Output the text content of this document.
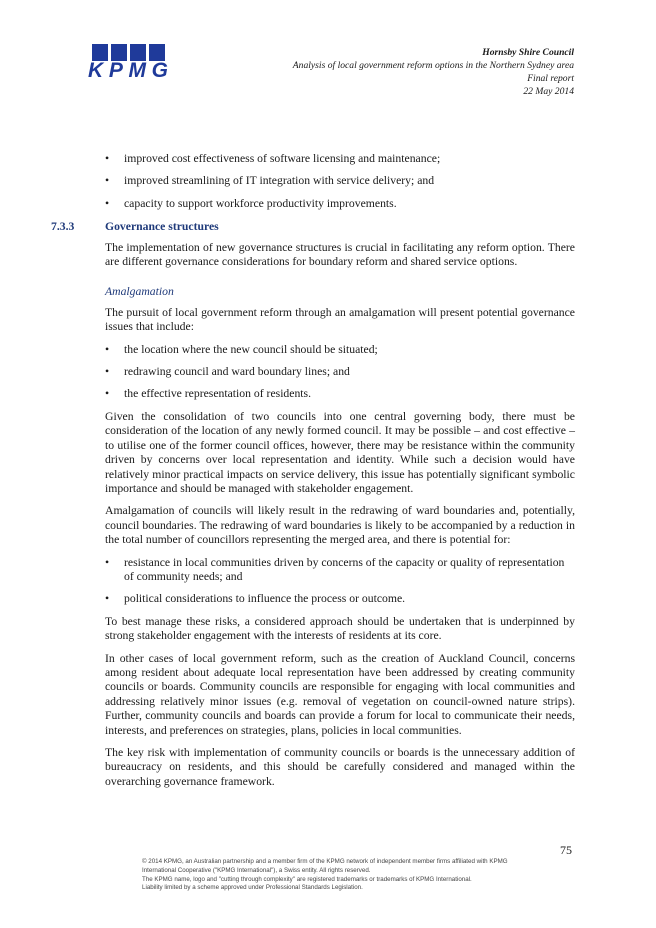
KPMG
Hornsby Shire Council
Analysis of local government reform options in the Northern Sydney area
Final report
22 May 2014
• improved cost effectiveness of software licensing and maintenance;
• improved streamlining of IT integration with service delivery; and
• capacity to support workforce productivity improvements.
7.3.3	Governance structures

The implementation of new governance structures is crucial in facilitating any reform option. There are different governance considerations for boundary reform and shared service options.

Amalgamation

The pursuit of local government reform through an amalgamation will present potential governance issues that include:

• the location where the new council should be situated;
• redrawing council and ward boundary lines; and
• the effective representation of residents.

Given the consolidation of two councils into one central governing body, there must be consideration of the location of any newly formed council. It may be possible – and cost effective – to utilise one of the former council offices, however, there may be resistance within the community driven by concerns over local representation and identity. While such a decision would have relatively minor practical impacts on service delivery, this issue has potentially significant symbolic importance and should be managed with stakeholder engagement.

Amalgamation of councils will likely result in the redrawing of ward boundaries and, potentially, council boundaries. The redrawing of ward boundaries is likely to be accompanied by a reduction in the total number of councillors representing the merged area, and there is potential for:

• resistance in local communities driven by concerns of the capacity or quality of representation of community needs; and
• political considerations to influence the process or outcome.

To best manage these risks, a considered approach should be undertaken that is underpinned by strong stakeholder engagement with the interests of residents at its core.

In other cases of local government reform, such as the creation of Auckland Council, concerns among resident about adequate local representation have been addressed by creating community councils or boards. Community councils are responsible for engaging with local communities and addressing relatively minor issues (e.g. removal of vegetation on council-owned nature strips). Further, community councils and boards can provide a forum for local to communicate their needs, interests, and preferences on strategies, plans, policies in local communities.

The key risk with implementation of community councils or boards is the unnecessary addition of bureaucracy on residents, and this should be carefully considered and managed within the overarching governance framework.

75
© 2014 KPMG, an Australian partnership and a member firm of the KPMG network of independent member firms affiliated with KPMG International Cooperative ("KPMG International"), a Swiss entity. All rights reserved.
The KPMG name, logo and "cutting through complexity" are registered trademarks or trademarks of KPMG International.
Liability limited by a scheme approved under Professional Standards Legislation.
